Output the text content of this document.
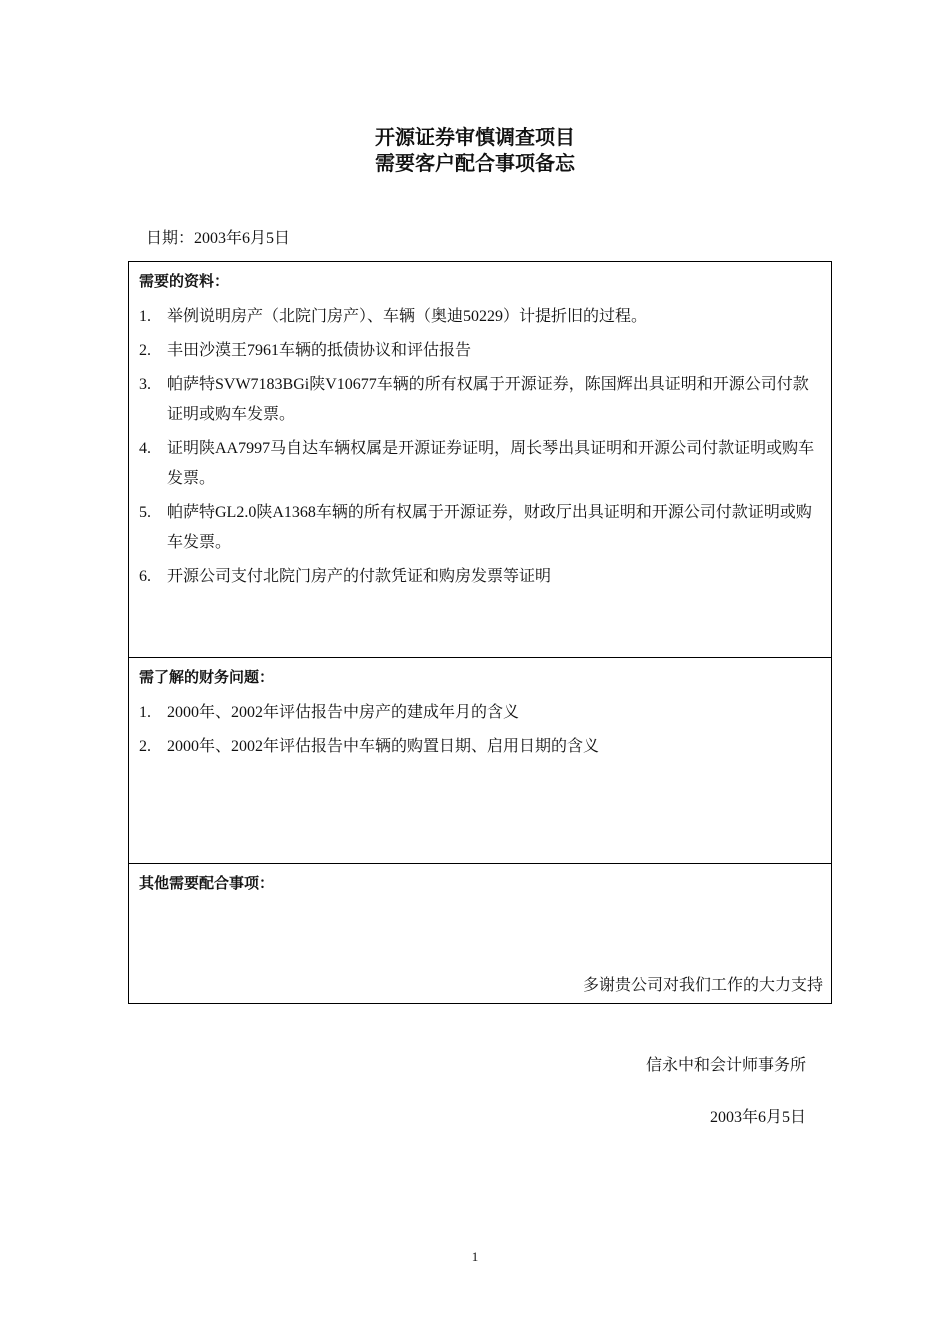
开源证券审慎调查项目
需要客户配合事项备忘
日期：2003年6月5日
需要的资料：
1. 举例说明房产（北院门房产）、车辆（奥迪50229）计提折旧的过程。
2. 丰田沙漠王7961车辆的抵债协议和评估报告
3. 帕萨特SVW7183BGi陕V10677车辆的所有权属于开源证券，陈国辉出具证明和开源公司付款证明或购车发票。
4. 证明陕AA7997马自达车辆权属是开源证券证明，周长琴出具证明和开源公司付款证明或购车发票。
5. 帕萨特GL2.0陕A1368车辆的所有权属于开源证券，财政厅出具证明和开源公司付款证明或购车发票。
6. 开源公司支付北院门房产的付款凭证和购房发票等证明
需了解的财务问题：
1. 2000年、2002年评估报告中房产的建成年月的含义
2. 2000年、2002年评估报告中车辆的购置日期、启用日期的含义
其他需要配合事项：
多谢贵公司对我们工作的大力支持
信永中和会计师事务所
2003年6月5日
1
